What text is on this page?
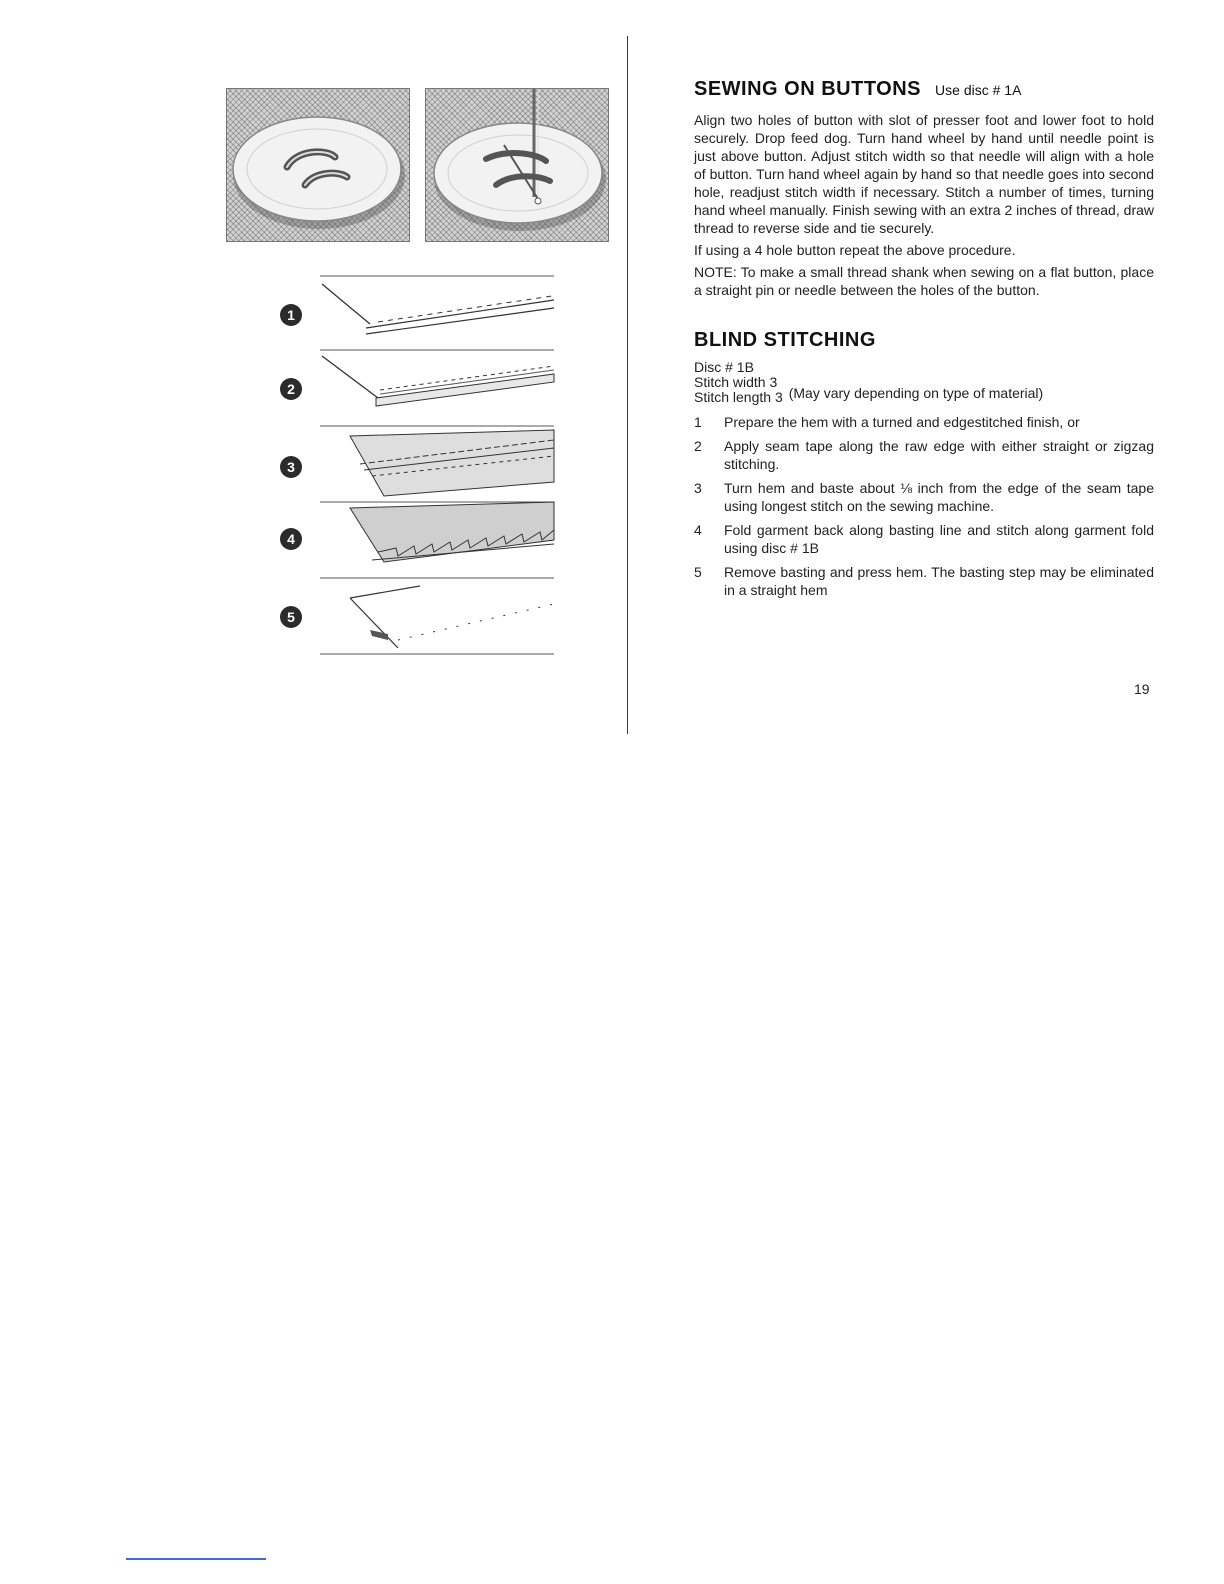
1
2
3
4
5
SEWING ON BUTTONS Use disc # 1A

Align two holes of button with slot of presser foot and lower foot to hold securely. Drop feed dog. Turn hand wheel by hand until needle point is just above button. Adjust stitch width so that needle will align with a hole of button. Turn hand wheel again by hand so that needle goes into second hole, readjust stitch width if necessary. Stitch a number of times, turning hand wheel manually. Finish sewing with an extra 2 inches of thread, draw thread to reverse side and tie securely.

If using a 4 hole button repeat the above procedure.

NOTE: To make a small thread shank when sewing on a flat button, place a straight pin or needle between the holes of the button.

BLIND STITCHING
Disc # 1B
Stitch width 3
Stitch length 3 (May vary depending on type of material)
1	Prepare the hem with a turned and edgestitched finish, or
2	Apply seam tape along the raw edge with either straight or zigzag stitching.
3	Turn hem and baste about ⅛ inch from the edge of the seam tape using longest stitch on the sewing machine.
4	Fold garment back along basting line and stitch along garment fold using disc # 1B
5	Remove basting and press hem. The basting step may be eliminated in a straight hem
19
